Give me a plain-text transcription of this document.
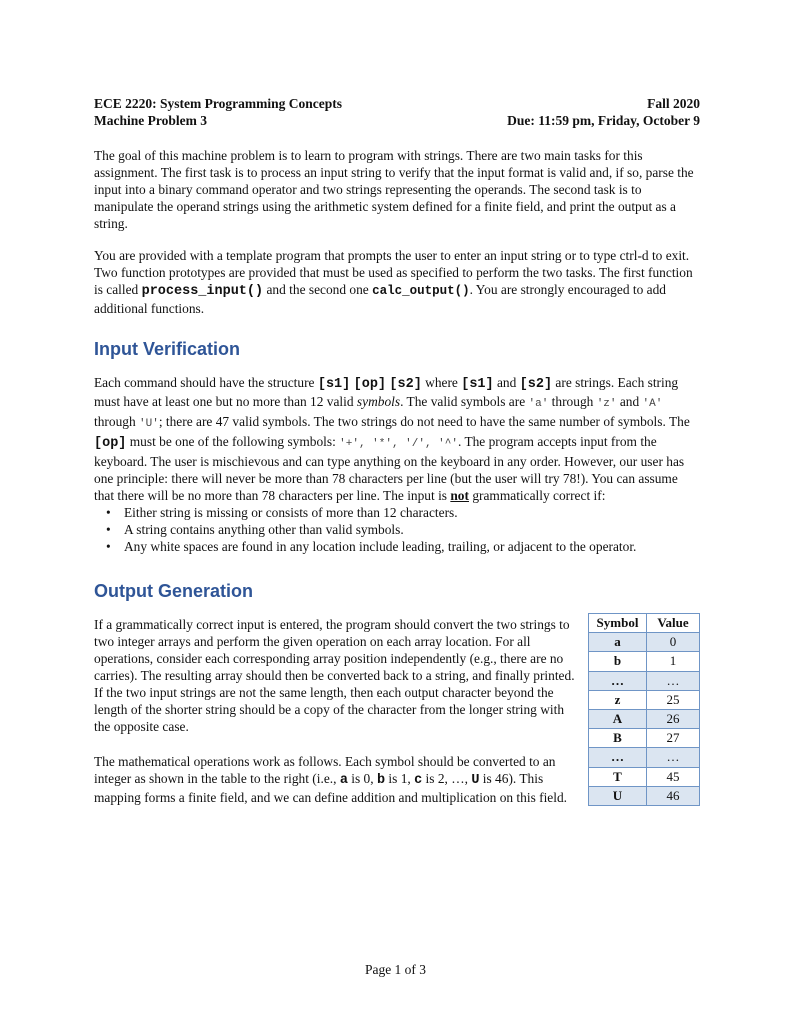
ECE 2220: System Programming Concepts
Machine Problem 3
Fall 2020
Due: 11:59 pm, Friday, October 9

The goal of this machine problem is to learn to program with strings. There are two main tasks for this assignment. The first task is to process an input string to verify that the input format is valid and, if so, parse the input into a binary command operator and two strings representing the operands. The second task is to manipulate the operand strings using the arithmetic system defined for a finite field, and print the output as a string.

You are provided with a template program that prompts the user to enter an input string or to type ctrl-d to exit. Two function prototypes are provided that must be used as specified to perform the two tasks. The first function is called process_input() and the second one calc_output(). You are strongly encouraged to add additional functions.

Input Verification

Each command should have the structure [s1] [op] [s2] where [s1] and [s2] are strings. Each string must have at least one but no more than 12 valid symbols. The valid symbols are 'a' through 'z' and 'A' through 'U'; there are 47 valid symbols. The two strings do not need to have the same number of symbols. The [op] must be one of the following symbols: '+', '*', '/', '^'. The program accepts input from the keyboard. The user is mischievous and can type anything on the keyboard in any order. However, our user has one principle: there will never be more than 78 characters per line (but the user will try 78!). You can assume that there will be no more than 78 characters per line. The input is not grammatically correct if:

• Either string is missing or consists of more than 12 characters.
• A string contains anything other than valid symbols.
• Any white spaces are found in any location include leading, trailing, or adjacent to the operator.
Output Generation

If a grammatically correct input is entered, the program should convert the two strings to two integer arrays and perform the given operation on each array location. For all operations, consider each corresponding array position independently (e.g., there are no carries). The resulting array should then be converted back to a string, and finally printed. If the two input strings are not the same length, then each output character beyond the length of the shorter string should be a copy of the character from the longer string with the opposite case.

The mathematical operations work as follows. Each symbol should be converted to an integer as shown in the table to the right (i.e., a is 0, b is 1, c is 2, …, U is 46). This mapping forms a finite field, and we can define addition and multiplication on this field.

Symbol	Value
a	0
b	1
…	…
z	25
A	26
B	27
…	…
T	45
U	46
Page 1 of 3
